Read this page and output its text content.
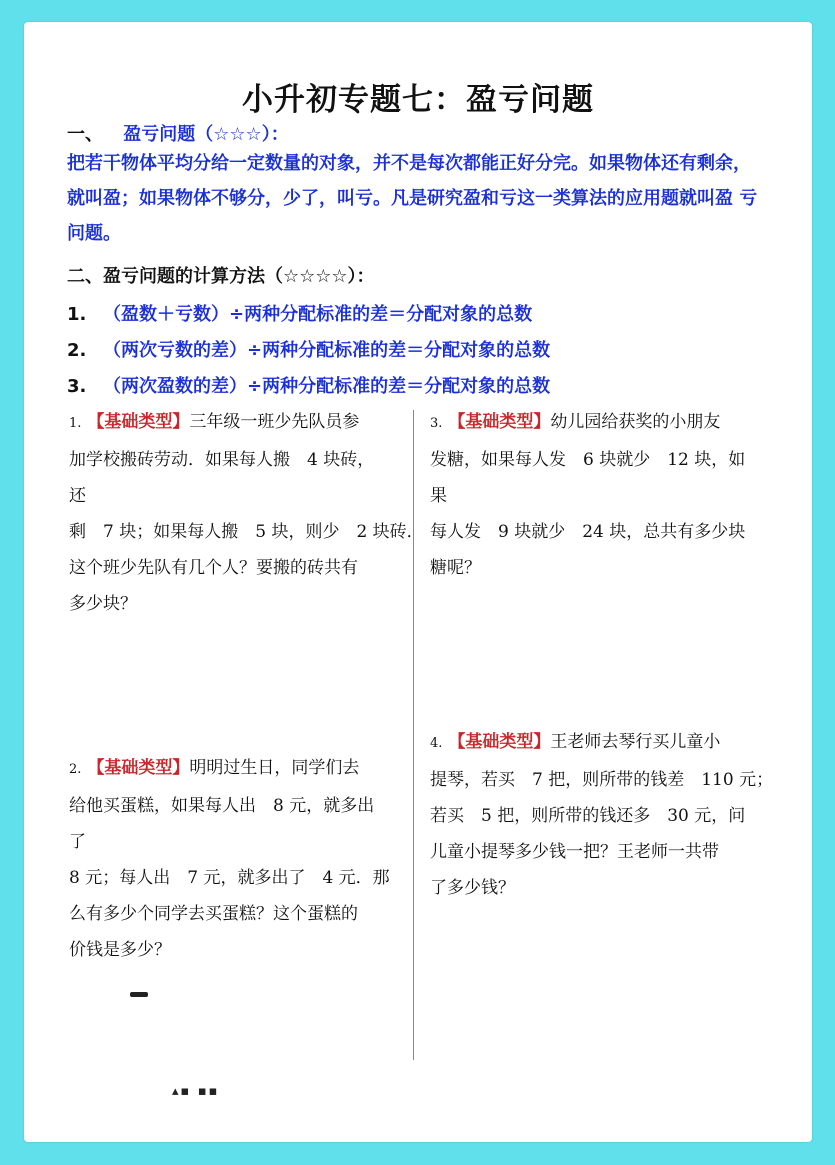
小升初专题七：盈亏问题
一、 盈亏问题（☆☆☆）：
把若干物体平均分给一定数量的对象，并不是每次都能正好分完。如果物体还有剩余，
就叫盈；如果物体不够分，少了，叫亏。凡是研究盈和亏这一类算法的应用题就叫盈 亏
问题。
二、盈亏问题的计算方法（☆☆☆☆）：
1. （盈数＋亏数）÷两种分配标准的差＝分配对象的总数
2. （两次亏数的差）÷两种分配标准的差＝分配对象的总数
3. （两次盈数的差）÷两种分配标准的差＝分配对象的总数

1. 【基础类型】三年级一班少先队员参

加学校搬砖劳动．如果每人搬　4 块砖，

还

剩　7 块；如果每人搬　5 块，则少　2 块砖．

这个班少先队有几个人？要搬的砖共有

多少块？

3. 【基础类型】幼儿园给获奖的小朋友

发糖，如果每人发　6 块就少　12 块，如

果

每人发　9 块就少　24 块，总共有多少块

糖呢？

4. 【基础类型】王老师去琴行买儿童小

提琴，若买　7 把，则所带的钱差　110 元；

若买　5 把，则所带的钱还多　30 元，问

儿童小提琴多少钱一把？王老师一共带

了多少钱？

2. 【基础类型】明明过生日，同学们去

给他买蛋糕，如果每人出　8 元，就多出

了

8 元；每人出　7 元，就多出了　4 元．那

么有多少个同学去买蛋糕？这个蛋糕的

价钱是多少？

▴▪ ▪▪
